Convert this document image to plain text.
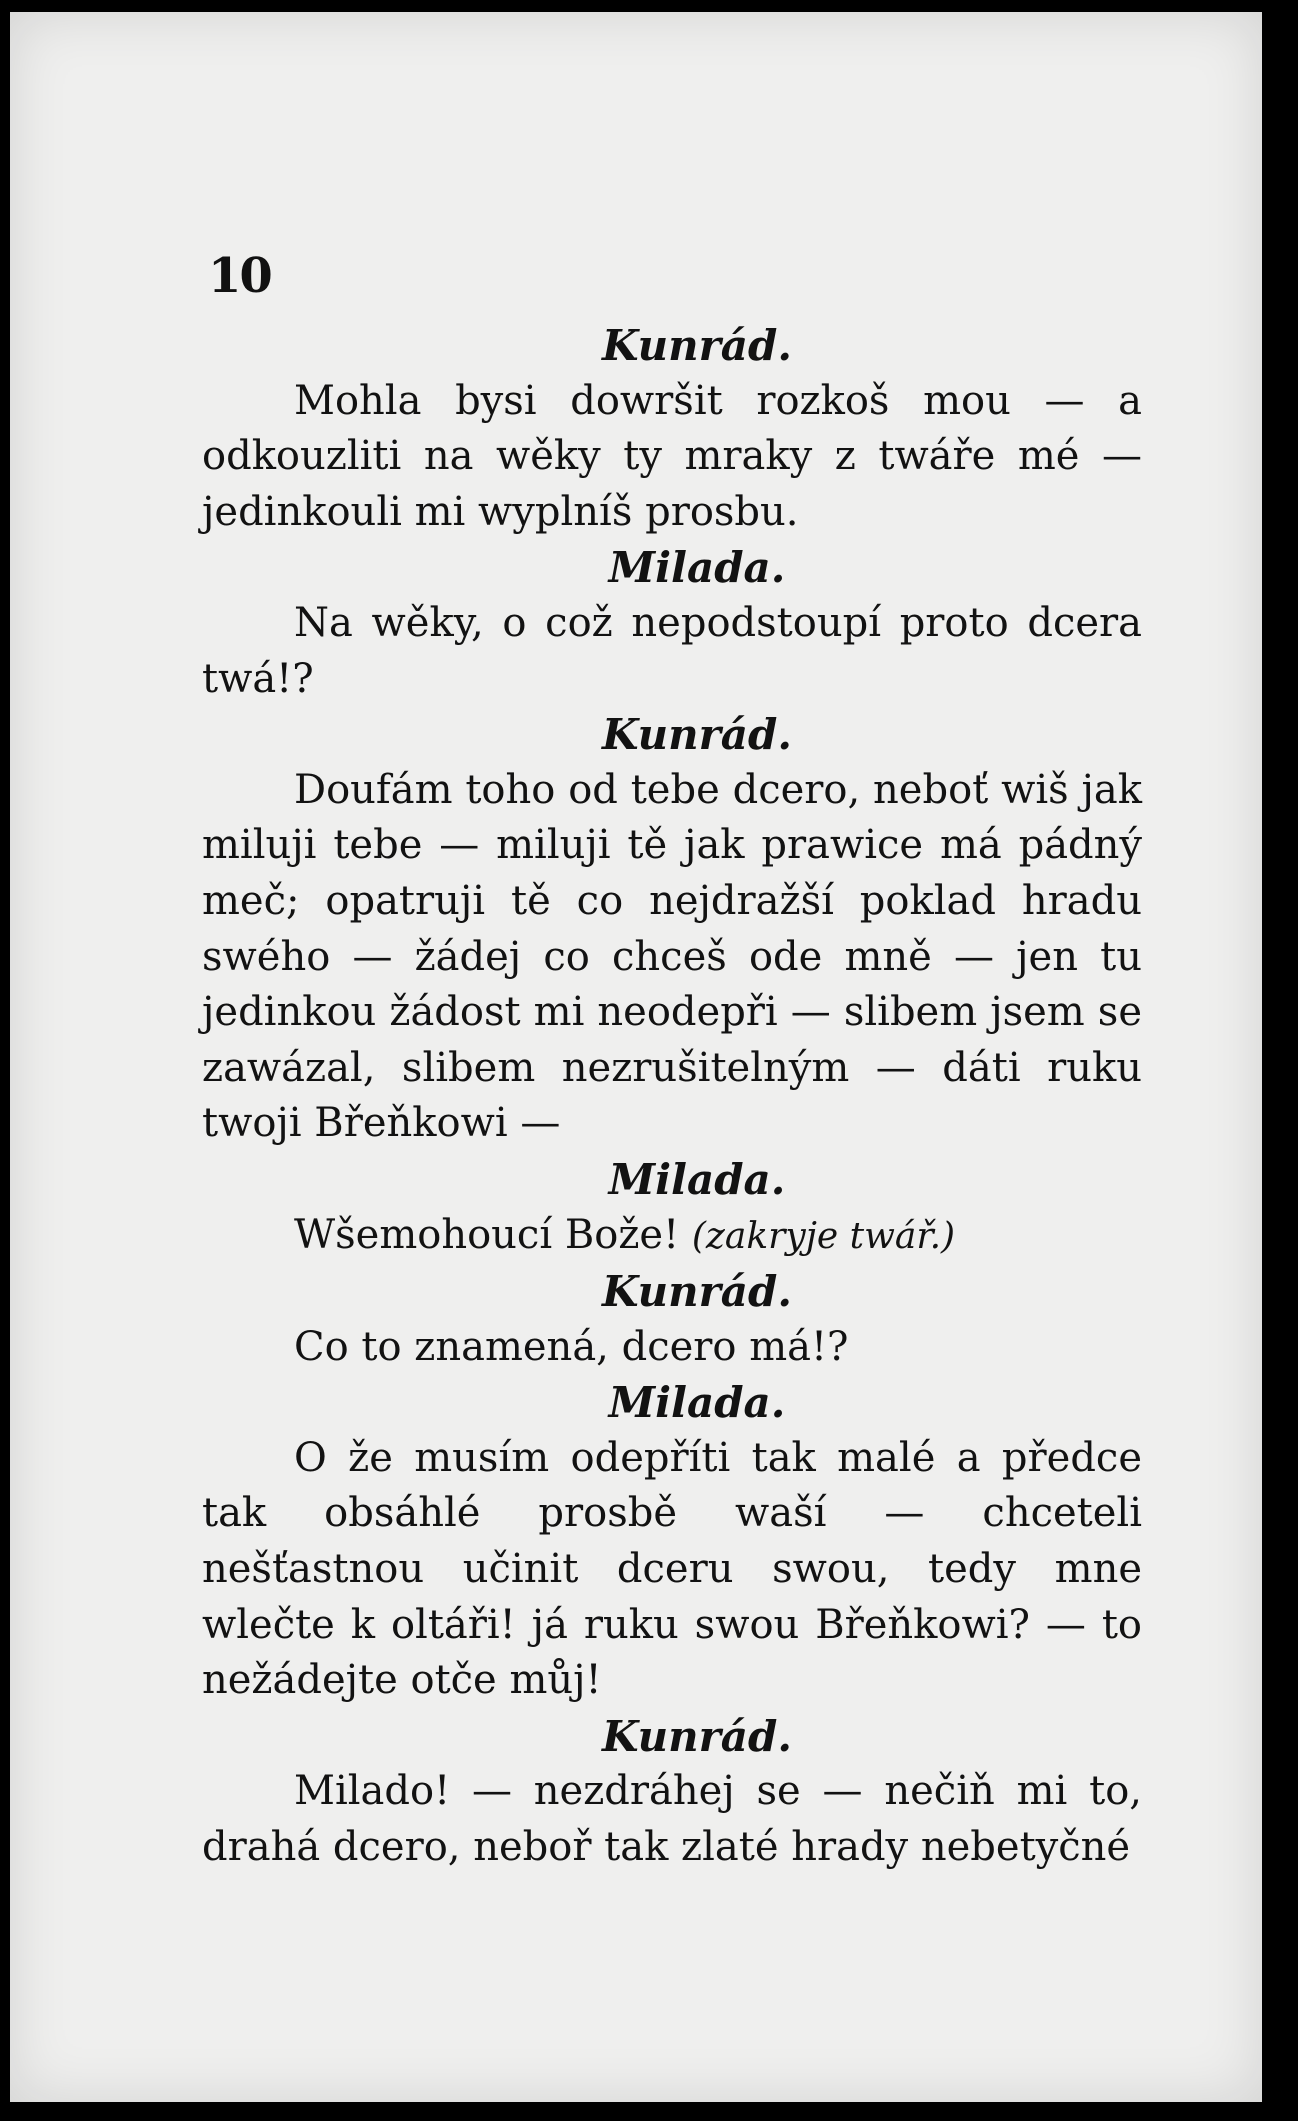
10
Kunrád.
Mohla bysi dowršit rozkoš mou — a odkouzliti na wěky ty mraky z twáře mé — jedinkouli mi wyplníš prosbu.
Milada.
Na wěky, o což nepodstoupí proto dcera twá!?
Kunrád.
Doufám toho od tebe dcero, neboť wiš jak miluji tebe — miluji tě jak prawice má pádný meč; opatruji tě co nejdražší poklad hradu swého — žádej co chceš ode mně — jen tu jedinkou žádost mi neodepři — slibem jsem se zawázal, slibem nezrušitelným — dáti ruku twoji Břeňkowi —
Milada.
Wšemohoucí Bože! (zakryje twář.)
Kunrád.
Co to znamená, dcero má!?
Milada.
O že musím odepříti tak malé a předce tak obsáhlé prosbě waší — chceteli nešťastnou učinit dceru swou, tedy mne wlečte k oltáři! já ruku swou Břeňkowi? — to nežádejte otče můj!
Kunrád.
Milado! — nezdráhej se — nečiň mi to, drahá dcero, neboř tak zlaté hrady nebetyčné
